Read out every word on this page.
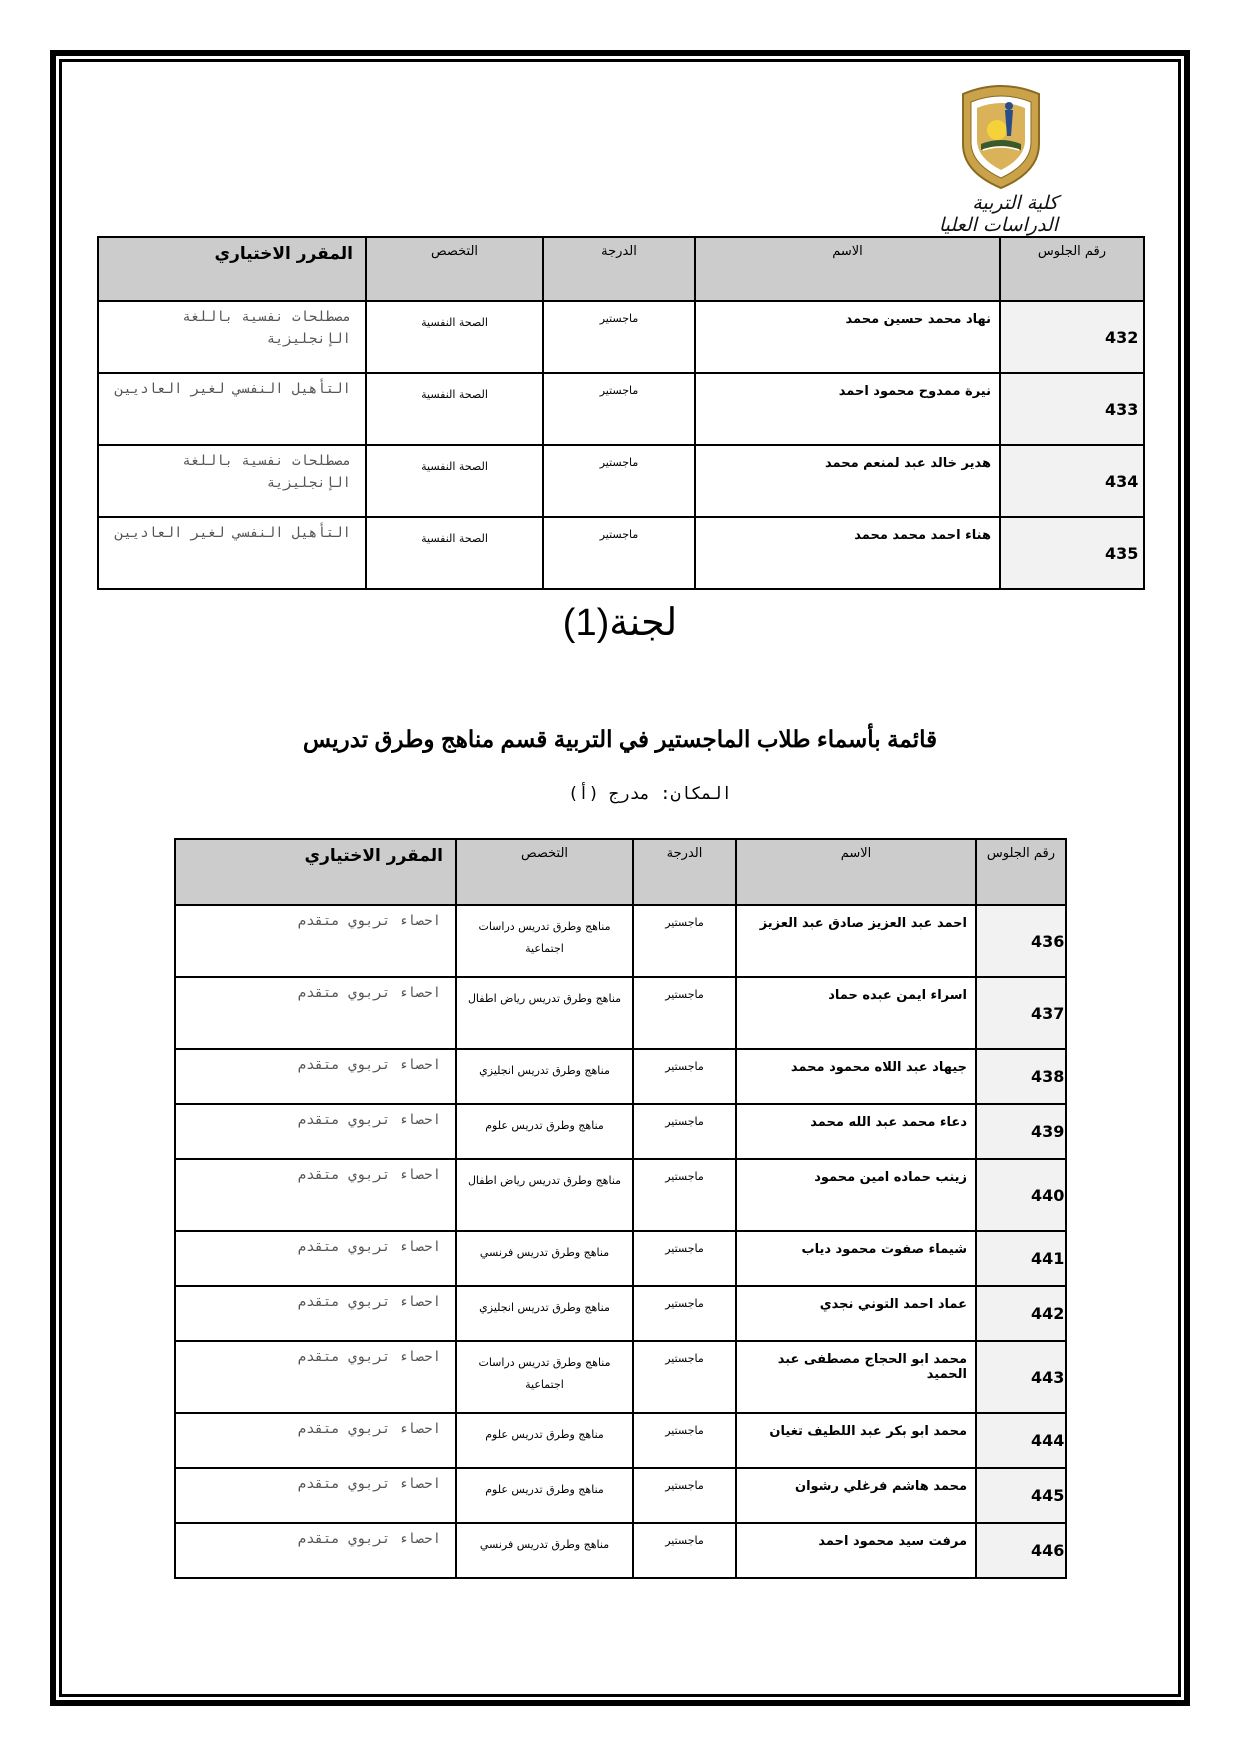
كلية التربية
الدراسات العليا
رقم الجلوس	الاسم	الدرجة	التخصص	المقرر الاختياري
432	نهاد محمد حسين محمد	ماجستير	الصحة النفسية	مصطلحات نفسية باللغة الإنجليزية
433	نيرة ممدوح محمود احمد	ماجستير	الصحة النفسية	التأهيل النفسي لغير العاديين
434	هدير خالد عبد لمنعم محمد	ماجستير	الصحة النفسية	مصطلحات نفسية باللغة الإنجليزية
435	هناء احمد محمد محمد	ماجستير	الصحة النفسية	التأهيل النفسي لغير العاديين
لجنة(1)
قائمة بأسماء طلاب الماجستير في التربية قسم مناهج وطرق تدريس
المكان: مدرج (أ)
رقم الجلوس	الاسم	الدرجة	التخصص	المقرر الاختياري
436	احمد عبد العزيز صادق عبد العزيز	ماجستير	مناهج وطرق تدريس دراسات اجتماعية	احصاء تربوي متقدم
437	اسراء ايمن عبده حماد	ماجستير	مناهج وطرق تدريس رياض اطفال	احصاء تربوي متقدم
438	جيهاد عبد اللاه محمود محمد	ماجستير	مناهج وطرق تدريس انجليزي	احصاء تربوي متقدم
439	دعاء محمد عبد الله محمد	ماجستير	مناهج وطرق تدريس علوم	احصاء تربوي متقدم
440	زينب حماده امين محمود	ماجستير	مناهج وطرق تدريس رياض اطفال	احصاء تربوي متقدم
441	شيماء صفوت محمود دياب	ماجستير	مناهج وطرق تدريس فرنسي	احصاء تربوي متقدم
442	عماد احمد التوني نجدي	ماجستير	مناهج وطرق تدريس انجليزي	احصاء تربوي متقدم
443	محمد ابو الحجاج مصطفى عبد الحميد	ماجستير	مناهج وطرق تدريس دراسات اجتماعية	احصاء تربوي متقدم
444	محمد ابو بكر عبد اللطيف تغيان	ماجستير	مناهج وطرق تدريس علوم	احصاء تربوي متقدم
445	محمد هاشم فرغلي رشوان	ماجستير	مناهج وطرق تدريس علوم	احصاء تربوي متقدم
446	مرفت سيد محمود احمد	ماجستير	مناهج وطرق تدريس فرنسي	احصاء تربوي متقدم
